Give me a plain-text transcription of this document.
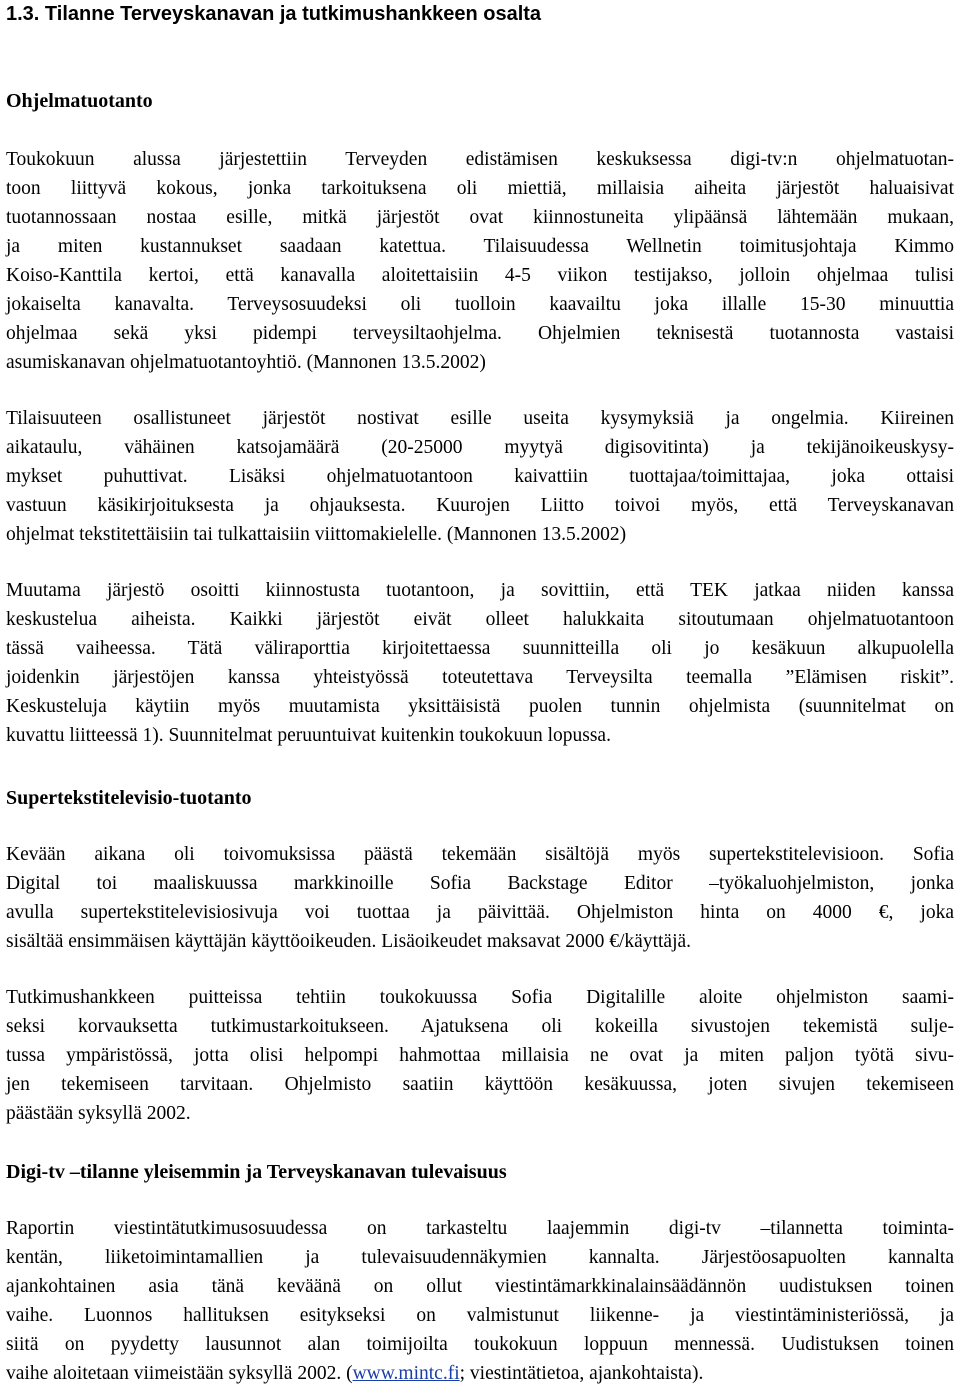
1.3. Tilanne Terveyskanavan ja tutkimushankkeen osalta
Ohjelmatuotanto
Toukokuun alussa järjestettiin Terveyden edistämisen keskuksessa digi-tv:n ohjelmatuotan-
toon liittyvä kokous, jonka tarkoituksena oli miettiä, millaisia aiheita järjestöt haluaisivat
tuotannossaan nostaa esille, mitkä järjestöt ovat kiinnostuneita ylipäänsä lähtemään mukaan,
ja miten kustannukset saadaan katettua. Tilaisuudessa Wellnetin toimitusjohtaja Kimmo
Koiso-Kanttila kertoi, että kanavalla aloitettaisiin 4-5 viikon testijakso, jolloin ohjelmaa tulisi
jokaiselta kanavalta. Terveysosuudeksi oli tuolloin kaavailtu joka illalle 15-30 minuuttia
ohjelmaa sekä yksi pidempi terveysiltaohjelma. Ohjelmien teknisestä tuotannosta vastaisi
asumiskanavan ohjelmatuotantoyhtiö. (Mannonen 13.5.2002)
Tilaisuuteen osallistuneet järjestöt nostivat esille useita kysymyksiä ja ongelmia. Kiireinen
aikataulu, vähäinen katsojamäärä (20-25000 myytyä digisovitinta) ja tekijänoikeuskysy-
mykset puhuttivat. Lisäksi ohjelmatuotantoon kaivattiin tuottajaa/toimittajaa, joka ottaisi
vastuun käsikirjoituksesta ja ohjauksesta. Kuurojen Liitto toivoi myös, että Terveyskanavan
ohjelmat tekstitettäisiin tai tulkattaisiin viittomakielelle. (Mannonen 13.5.2002)
Muutama järjestö osoitti kiinnostusta tuotantoon, ja sovittiin, että TEK jatkaa niiden kanssa
keskustelua aiheista. Kaikki järjestöt eivät olleet halukkaita sitoutumaan ohjelmatuotantoon
tässä vaiheessa. Tätä väliraporttia kirjoitettaessa suunnitteilla oli jo kesäkuun alkupuolella
joidenkin järjestöjen kanssa yhteistyössä toteutettava Terveysilta teemalla ”Elämisen riskit”.
Keskusteluja käytiin myös muutamista yksittäisistä puolen tunnin ohjelmista (suunnitelmat on
kuvattu liitteessä 1). Suunnitelmat peruuntuivat kuitenkin toukokuun lopussa.
Supertekstitelevisio-tuotanto
Kevään aikana oli toivomuksissa päästä tekemään sisältöjä myös supertekstitelevisioon. Sofia
Digital toi maaliskuussa markkinoille Sofia Backstage Editor –työkaluohjelmiston, jonka
avulla supertekstitelevisiosivuja voi tuottaa ja päivittää. Ohjelmiston hinta on 4000 €, joka
sisältää ensimmäisen käyttäjän käyttöoikeuden. Lisäoikeudet maksavat 2000 €/käyttäjä.
Tutkimushankkeen puitteissa tehtiin toukokuussa Sofia Digitalille aloite ohjelmiston saami-
seksi korvauksetta tutkimustarkoitukseen. Ajatuksena oli kokeilla sivustojen tekemistä sulje-
tussa ympäristössä, jotta olisi helpompi hahmottaa millaisia ne ovat ja miten paljon työtä sivu-
jen tekemiseen tarvitaan. Ohjelmisto saatiin käyttöön kesäkuussa, joten sivujen tekemiseen
päästään syksyllä 2002.
Digi-tv –tilanne yleisemmin ja Terveyskanavan tulevaisuus
Raportin viestintätutkimusosuudessa on tarkasteltu laajemmin digi-tv –tilannetta toiminta-
kentän, liiketoimintamallien ja tulevaisuudennäkymien kannalta. Järjestöosapuolten kannalta
ajankohtainen asia tänä keväänä on ollut viestintämarkkinalainsäädännön uudistuksen toinen
vaihe. Luonnos hallituksen esitykseksi on valmistunut liikenne- ja viestintäministeriössä, ja
siitä on pyydetty lausunnot alan toimijoilta toukokuun loppuun mennessä. Uudistuksen toinen
vaihe aloitetaan viimeistään syksyllä 2002. (www.mintc.fi; viestintätietoa, ajankohtaista).
